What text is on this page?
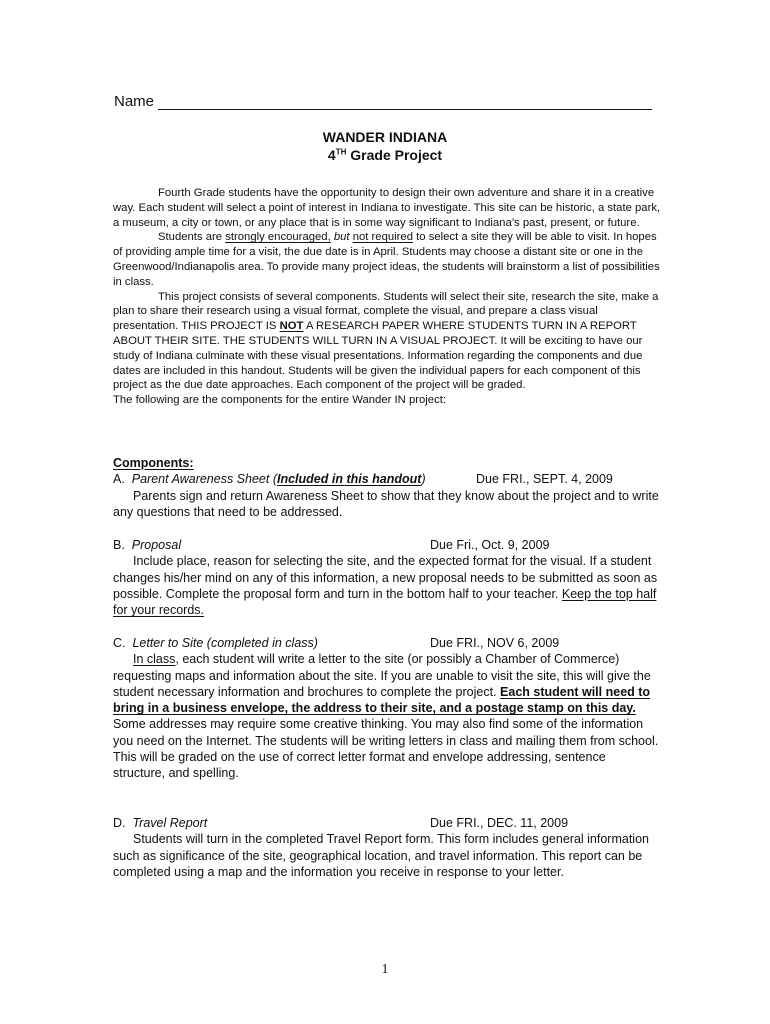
Name
WANDER INDIANA
4TH Grade Project

Fourth Grade students have the opportunity to design their own adventure and share it in a creative way. Each student will select a point of interest in Indiana to investigate. This site can be historic, a state park, a museum, a city or town, or any place that is in some way significant to Indiana’s past, present, or future.

Students are strongly encouraged, but not required to select a site they will be able to visit. In hopes of providing ample time for a visit, the due date is in April. Students may choose a distant site or one in the Greenwood/Indianapolis area. To provide many project ideas, the students will brainstorm a list of possibilities in class.

This project consists of several components. Students will select their site, research the site, make a plan to share their research using a visual format, complete the visual, and prepare a class visual presentation. THIS PROJECT IS NOT A RESEARCH PAPER WHERE STUDENTS TURN IN A REPORT ABOUT THEIR SITE. THE STUDENTS WILL TURN IN A VISUAL PROJECT. It will be exciting to have our study of Indiana culminate with these visual presentations. Information regarding the components and due dates are included in this handout. Students will be given the individual papers for each component of this project as the due date approaches. Each component of the project will be graded.

The following are the components for the entire Wander IN project:

Components:

A. Parent Awareness Sheet (Included in this handout)	Due FRI., SEPT. 4, 2009

Parents sign and return Awareness Sheet to show that they know about the project and to write any questions that need to be addressed.

B. Proposal	Due Fri., Oct. 9, 2009

Include place, reason for selecting the site, and the expected format for the visual. If a student changes his/her mind on any of this information, a new proposal needs to be submitted as soon as possible. Complete the proposal form and turn in the bottom half to your teacher. Keep the top half for your records.

C. Letter to Site (completed in class)	Due FRI., NOV 6, 2009

In class, each student will write a letter to the site (or possibly a Chamber of Commerce) requesting maps and information about the site. If you are unable to visit the site, this will give the student necessary information and brochures to complete the project. Each student will need to bring in a business envelope, the address to their site, and a postage stamp on this day. Some addresses may require some creative thinking. You may also find some of the information you need on the Internet. The students will be writing letters in class and mailing them from school. This will be graded on the use of correct letter format and envelope addressing, sentence structure, and spelling.

D. Travel Report	Due FRI., DEC. 11, 2009

Students will turn in the completed Travel Report form. This form includes general information such as significance of the site, geographical location, and travel information. This report can be completed using a map and the information you receive in response to your letter.

1
